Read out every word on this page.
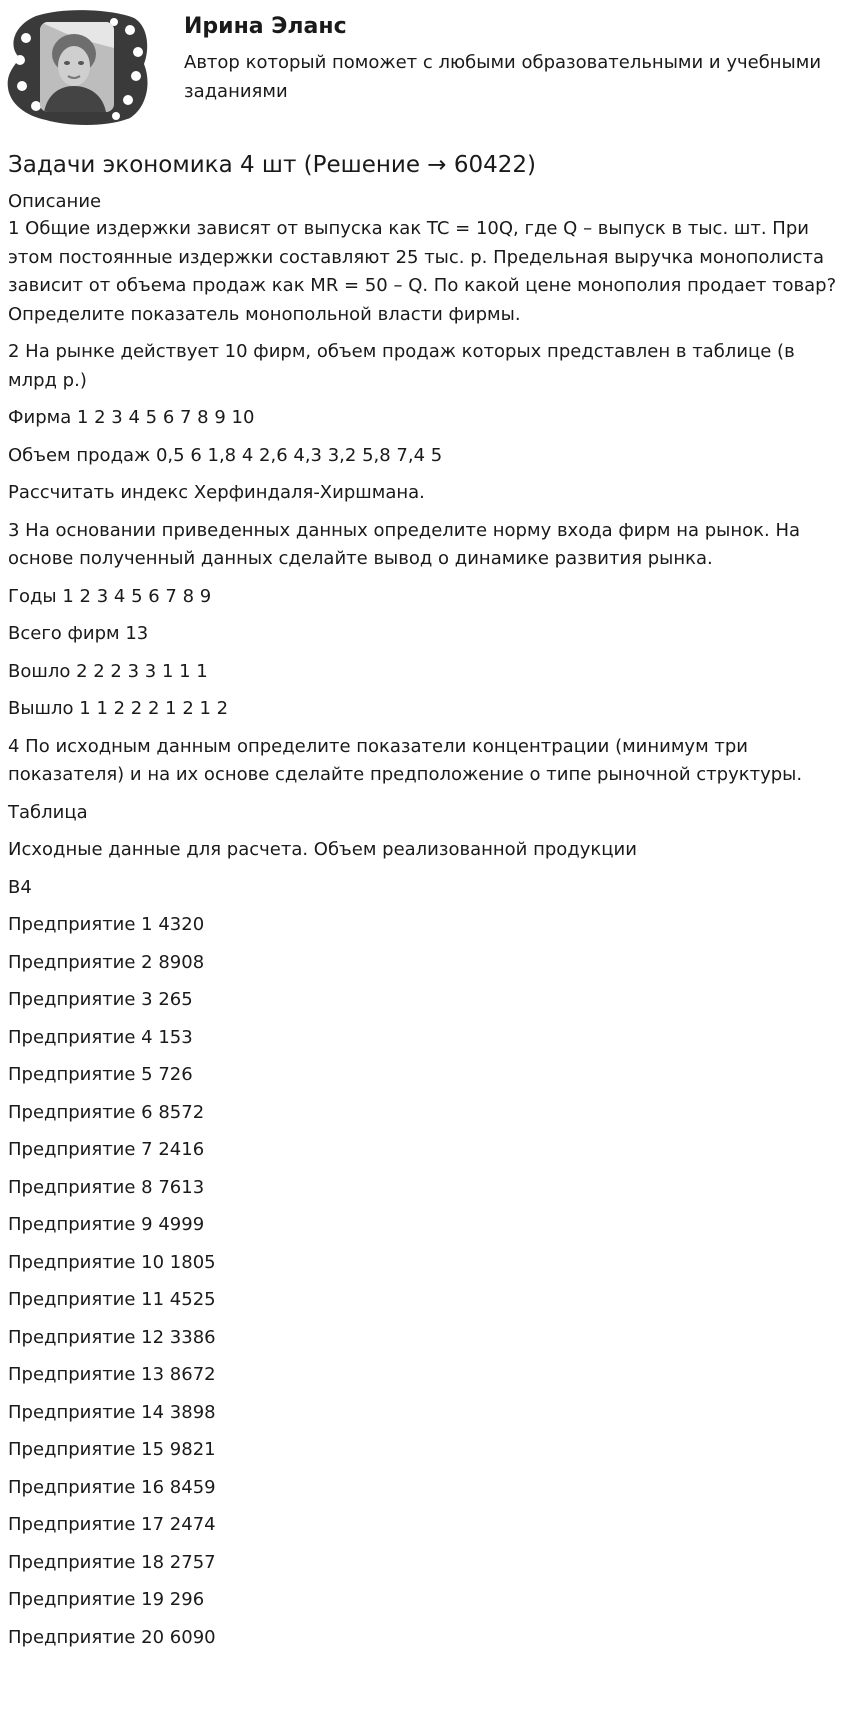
Ирина Эланс
Автор который поможет с любыми образовательными и учебными заданиями
Задачи экономика 4 шт (Решение → 60422)
Описание

1 Общие издержки зависят от выпуска как TC = 10Q, где Q – выпуск в тыс. шт. При этом постоянные издержки составляют 25 тыс. р. Предельная выручка монополиста зависит от объема продаж как MR = 50 – Q. По какой цене монополия продает товар? Определите показатель монопольной власти фирмы.

2 На рынке действует 10 фирм, объем продаж которых представлен в таблице (в млрд р.)

Фирма 1 2 3 4 5 6 7 8 9 10

Объем продаж 0,5 6 1,8 4 2,6 4,3 3,2 5,8 7,4 5

Рассчитать индекс Херфиндаля-Хиршмана.

3 На основании приведенных данных определите норму входа фирм на рынок. На основе полученный данных сделайте вывод о динамике развития рынка.

Годы 1 2 3 4 5 6 7 8 9

Всего фирм 13

Вошло 2 2 2 3 3 1 1 1

Вышло 1 1 2 2 2 1 2 1 2

4 По исходным данным определите показатели концентрации (минимум три показателя) и на их основе сделайте предположение о типе рыночной структуры.

Таблица

Исходные данные для расчета. Объем реализованной продукции

В4

Предприятие 1 4320

Предприятие 2 8908

Предприятие 3 265

Предприятие 4 153

Предприятие 5 726

Предприятие 6 8572

Предприятие 7 2416

Предприятие 8 7613

Предприятие 9 4999

Предприятие 10 1805

Предприятие 11 4525

Предприятие 12 3386

Предприятие 13 8672

Предприятие 14 3898

Предприятие 15 9821

Предприятие 16 8459

Предприятие 17 2474

Предприятие 18 2757

Предприятие 19 296

Предприятие 20 6090
